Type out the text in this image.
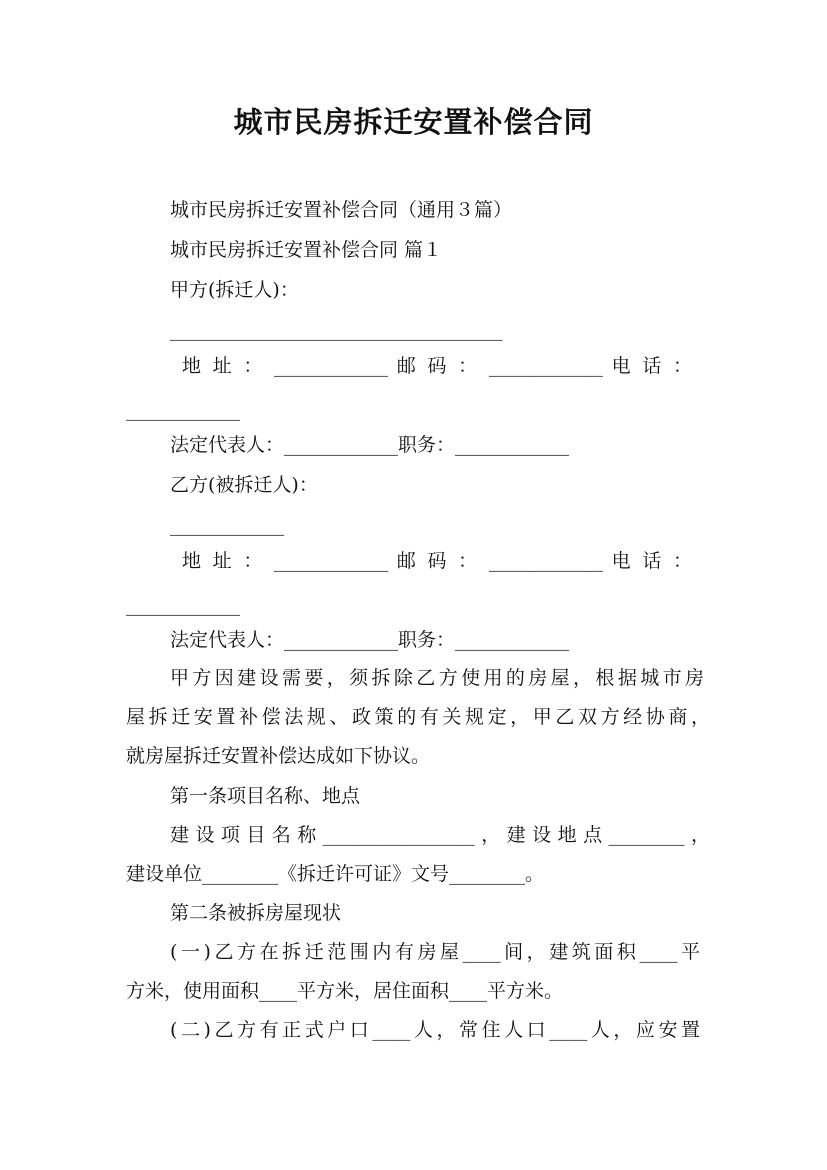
城市民房拆迁安置补偿合同

城市民房拆迁安置补偿合同（通用３篇）

城市民房拆迁安置补偿合同 篇１

甲方(拆迁人)：

___________________________________

地 址 ： ____________ 邮 码 ： ____________ 电 话 ：

____________

法定代表人：____________职务：____________

乙方(被拆迁人)：

____________

地 址 ： ____________ 邮 码 ： ____________ 电 话 ：

____________

法定代表人：____________职务：____________

甲方因建设需要，须拆除乙方使用的房屋，根据城市房

屋拆迁安置补偿法规、政策的有关规定，甲乙双方经协商，

就房屋拆迁安置补偿达成如下协议。

第一条项目名称、地点

建设项目名称________________，建设地点________，

建设单位________《拆迁许可证》文号________。

第二条被拆房屋现状

(一)乙方在拆迁范围内有房屋____间，建筑面积____平

方米，使用面积____平方米，居住面积____平方米。

(二)乙方有正式户口____人，常住人口____人，应安置
